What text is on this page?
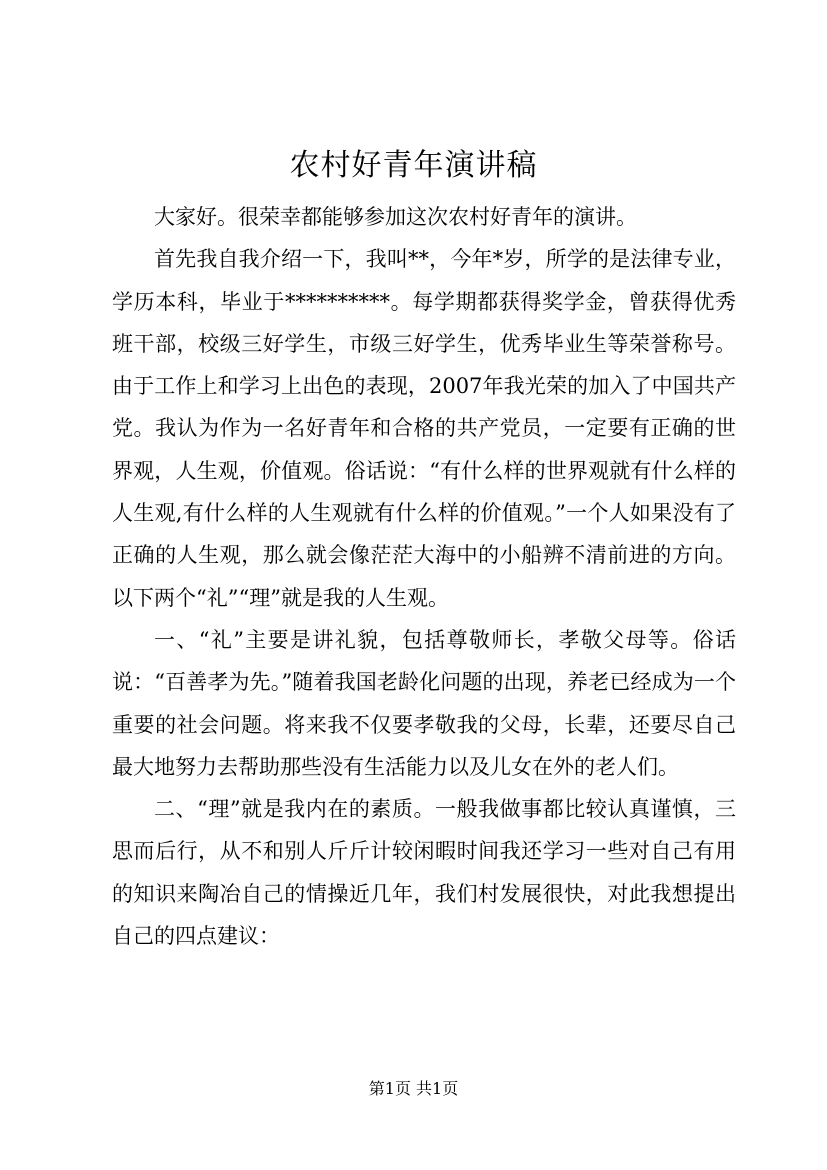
农村好青年演讲稿

大家好。很荣幸都能够参加这次农村好青年的演讲。

首先我自我介绍一下，我叫**，今年*岁，所学的是法律专业，学历本科，毕业于**********。每学期都获得奖学金，曾获得优秀班干部，校级三好学生，市级三好学生，优秀毕业生等荣誉称号。由于工作上和学习上出色的表现，2007年我光荣的加入了中国共产党。我认为作为一名好青年和合格的共产党员，一定要有正确的世界观，人生观，价值观。俗话说：“有什么样的世界观就有什么样的人生观,有什么样的人生观就有什么样的价值观。”一个人如果没有了正确的人生观，那么就会像茫茫大海中的小船辨不清前进的方向。以下两个“礼”“理”就是我的人生观。

一、“礼”主要是讲礼貌，包括尊敬师长，孝敬父母等。俗话说：“百善孝为先。”随着我国老龄化问题的出现，养老已经成为一个重要的社会问题。将来我不仅要孝敬我的父母，长辈，还要尽自己最大地努力去帮助那些没有生活能力以及儿女在外的老人们。

二、“理”就是我内在的素质。一般我做事都比较认真谨慎，三思而后行，从不和别人斤斤计较闲暇时间我还学习一些对自己有用的知识来陶冶自己的情操近几年，我们村发展很快，对此我想提出自己的四点建议：

第1页 共1页
